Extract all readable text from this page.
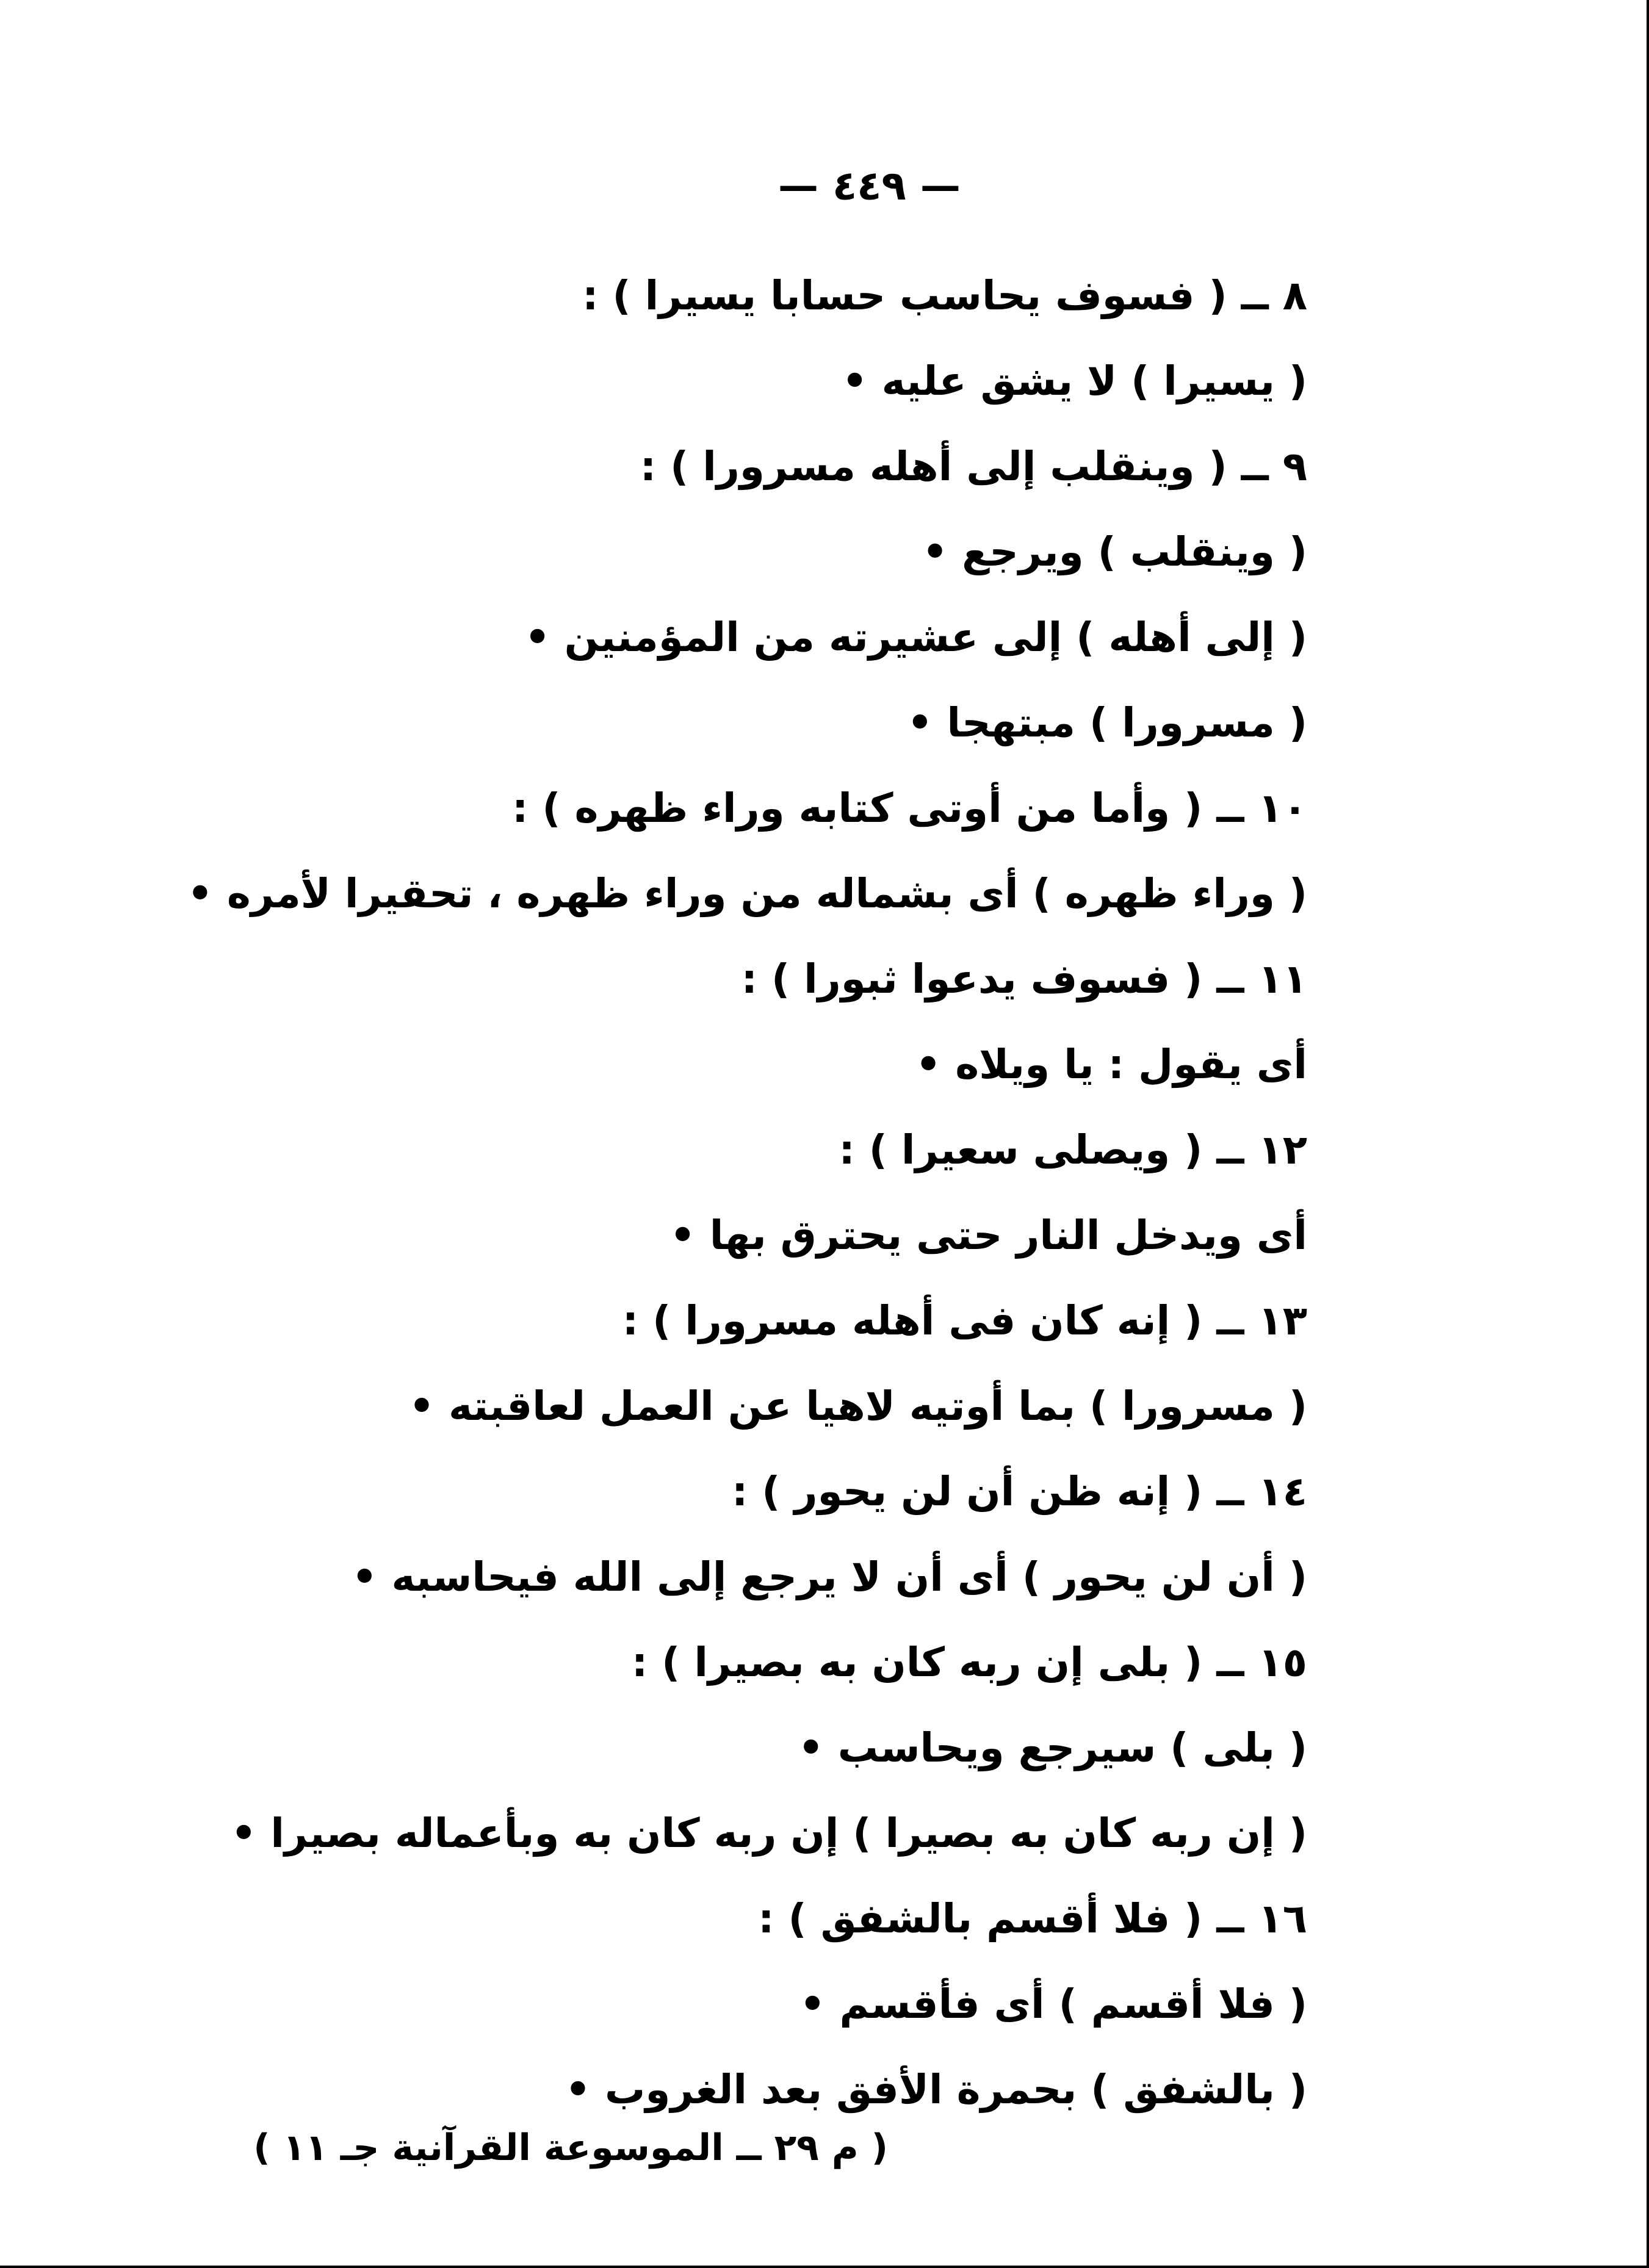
— ٤٤٩ —
٨ ــ ( فسوف يحاسب حسابا يسيرا ) :
( يسيرا ) لا يشق عليه •
٩ ــ ( وينقلب إلى أهله مسرورا ) :
( وينقلب ) ويرجع •
( إلى أهله ) إلى عشيرته من المؤمنين •
( مسرورا ) مبتهجا •
١٠ ــ ( وأما من أوتى كتابه وراء ظهره ) :
( وراء ظهره ) أى بشماله من وراء ظهره ، تحقيرا لأمره •
١١ ــ ( فسوف يدعوا ثبورا ) :
أى يقول : يا ويلاه •
١٢ ــ ( ويصلى سعيرا ) :
أى ويدخل النار حتى يحترق بها •
١٣ ــ ( إنه كان فى أهله مسرورا ) :
( مسرورا ) بما أوتيه لاهيا عن العمل لعاقبته •
١٤ ــ ( إنه ظن أن لن يحور ) :
( أن لن يحور ) أى أن لا يرجع إلى الله فيحاسبه •
١٥ ــ ( بلى إن ربه كان به بصيرا ) :
( بلى ) سيرجع ويحاسب •
( إن ربه كان به بصيرا ) إن ربه كان به وبأعماله بصيرا •
١٦ ــ ( فلا أقسم بالشفق ) :
( فلا أقسم ) أى فأقسم •
( بالشفق ) بحمرة الأفق بعد الغروب •
( م ٢٩ ــ الموسوعة القرآنية جـ ١١ )
